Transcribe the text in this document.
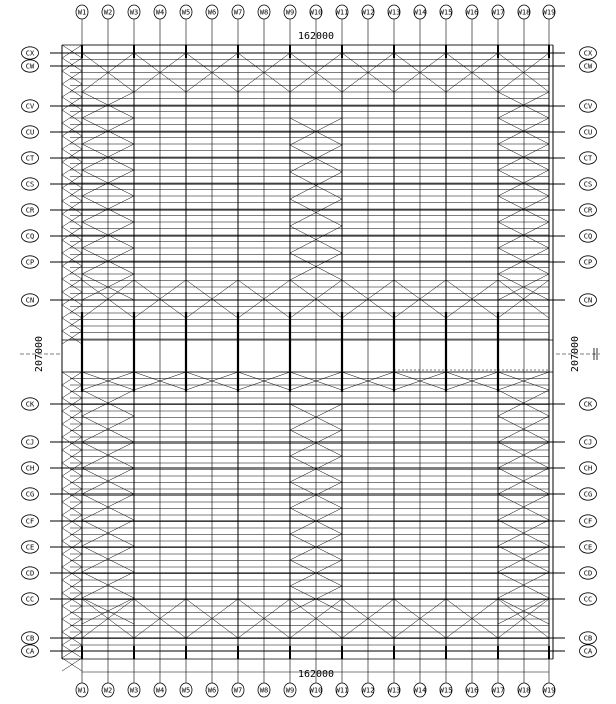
W1
W1
W2
W2
W3
W3
W4
W4
W5
W5
W6
W6
W7
W7
W8
W8
W9
W9
W10
W10
W11
W11
W12
W12
W13
W13
W14
W14
W15
W15
W16
W16
W17
W17
W18
W18
W19
W19
CX	CX
CW	CW
CV	CV
CU	CU
CT	CT
CS	CS
CR	CR
CQ	CQ
CP	CP
CN	CN
CK	CK
CJ	CJ
CH	CH
CG	CG
CF	CF
CE	CE
CD	CD
CC	CC
CB	CB
CA	CA
162000
162000
207000	207000
